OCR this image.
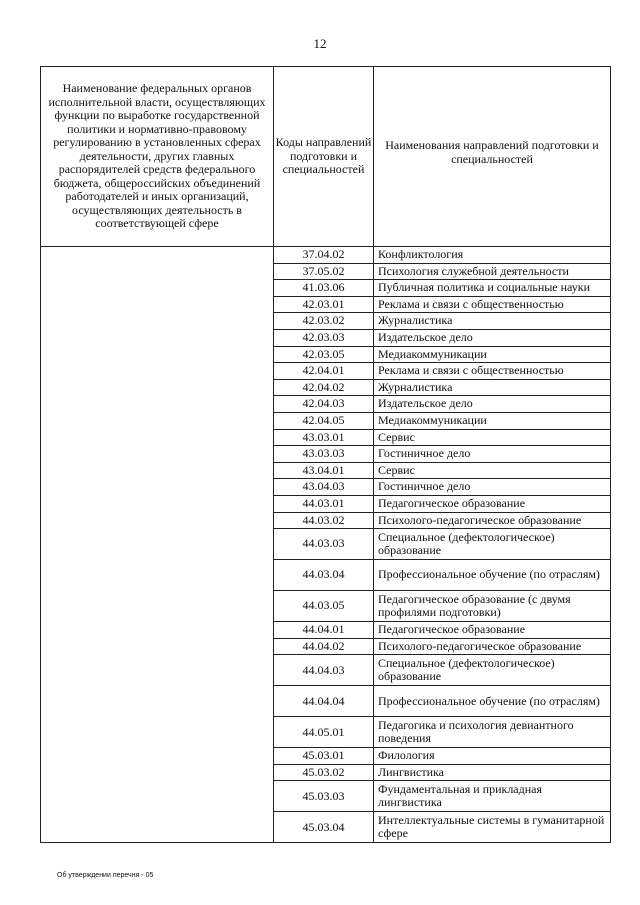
12
Наименование федеральных органов исполнительной власти, осуществляющих функции по выработке государственной политики и нормативно-правовому регулированию в установленных сферах деятельности, других главных распорядителей средств федерального бюджета, общероссийских объединений работодателей и иных организаций, осуществляющих деятельность в соответствующей сфере	Коды направлений подготовки и специальностей	Наименования направлений подготовки и специальностей
	37.04.02	Конфликтология
	37.05.02	Психология служебной деятельности
	41.03.06	Публичная политика и социальные науки
	42.03.01	Реклама и связи с общественностью
	42.03.02	Журналистика
	42.03.03	Издательское дело
	42.03.05	Медиакоммуникации
	42.04.01	Реклама и связи с общественностью
	42.04.02	Журналистика
	42.04.03	Издательское дело
	42.04.05	Медиакоммуникации
	43.03.01	Сервис
	43.03.03	Гостиничное дело
	43.04.01	Сервис
	43.04.03	Гостиничное дело
	44.03.01	Педагогическое образование
	44.03.02	Психолого-педагогическое образование
	44.03.03	Специальное (дефектологическое) образование
	44.03.04	Профессиональное обучение (по отраслям)
	44.03.05	Педагогическое образование (с двумя профилями подготовки)
	44.04.01	Педагогическое образование
	44.04.02	Психолого-педагогическое образование
	44.04.03	Специальное (дефектологическое) образование
	44.04.04	Профессиональное обучение (по отраслям)
	44.05.01	Педагогика и психология девиантного поведения
	45.03.01	Филология
	45.03.02	Лингвистика
	45.03.03	Фундаментальная и прикладная лингвистика
	45.03.04	Интеллектуальные системы в гуманитарной сфере
Об утверждении перечня - 05
